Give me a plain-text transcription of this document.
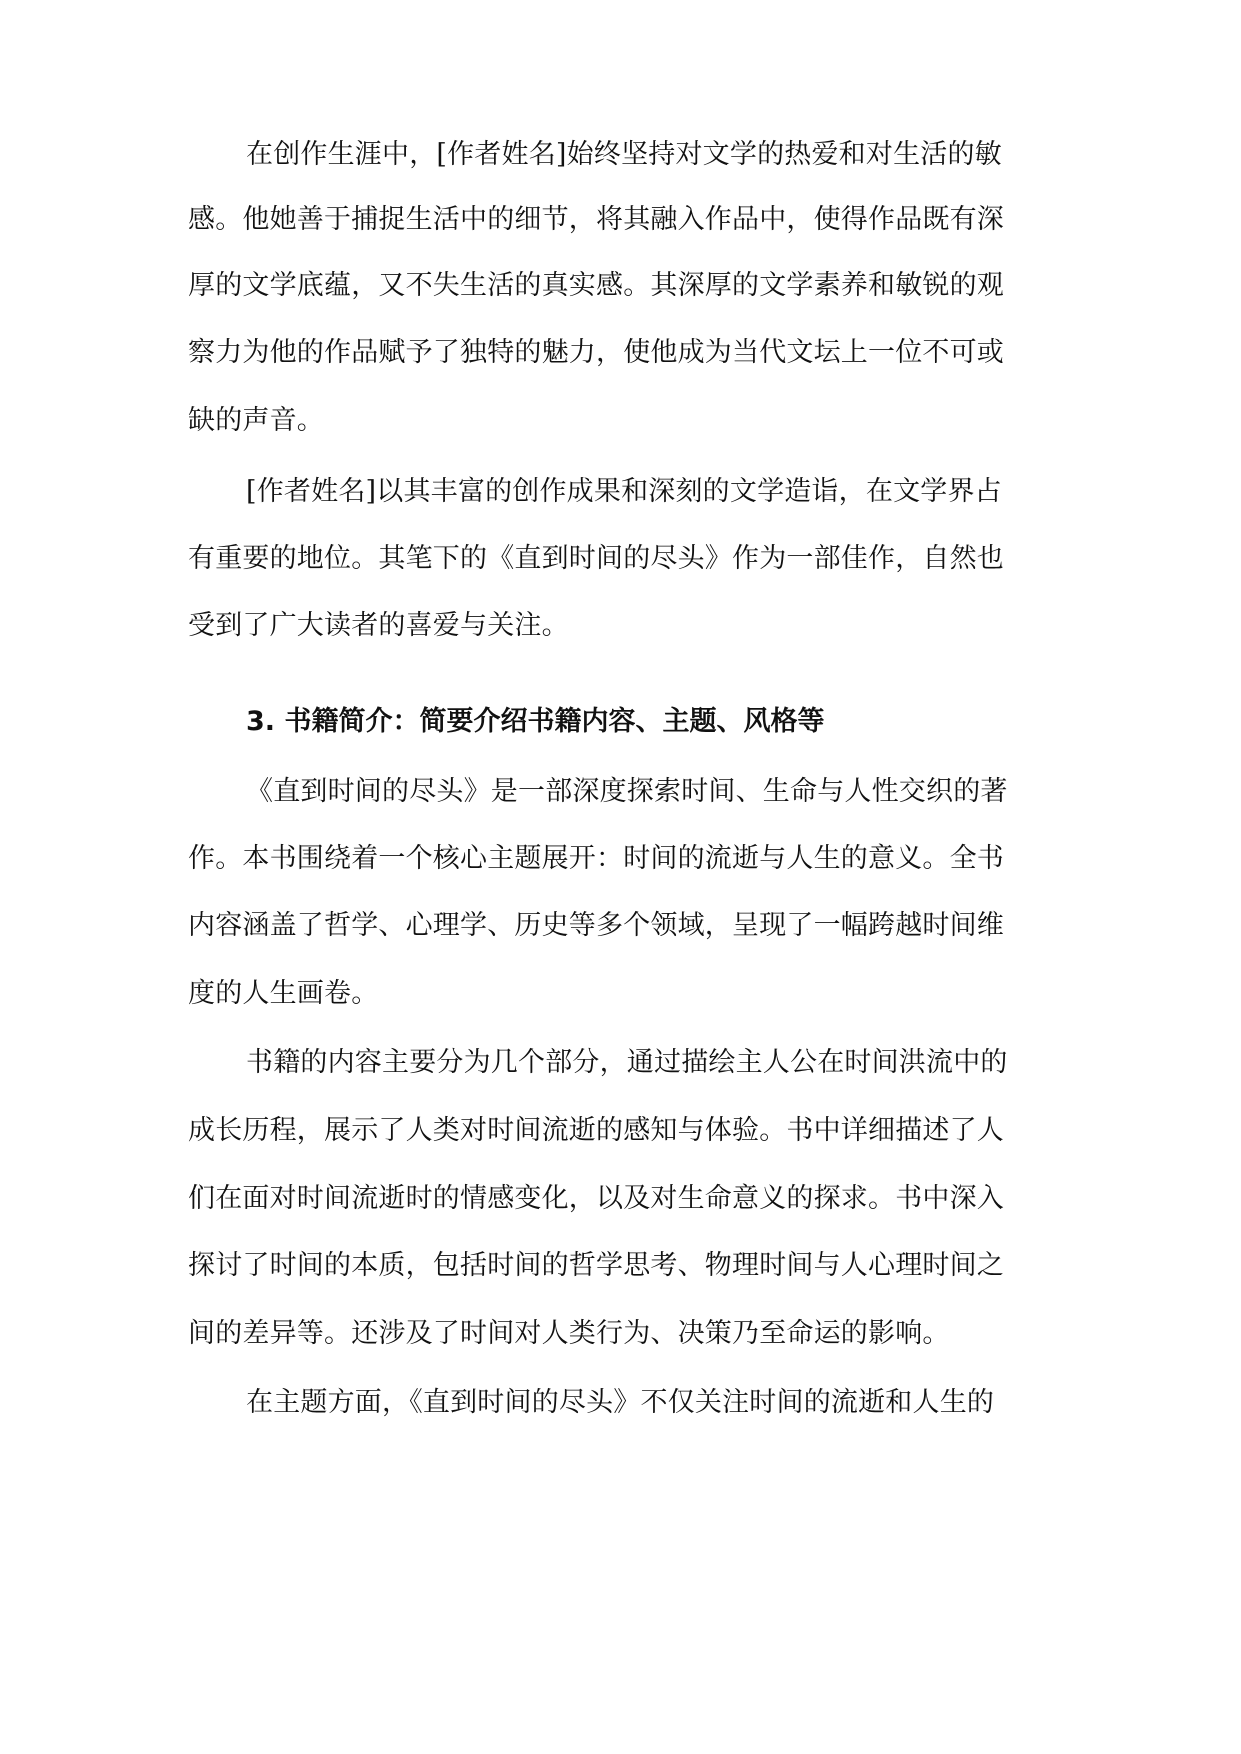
在创作生涯中，[作者姓名]始终坚持对文学的热爱和对生活的敏
感。他她善于捕捉生活中的细节，将其融入作品中，使得作品既有深
厚的文学底蕴，又不失生活的真实感。其深厚的文学素养和敏锐的观
察力为他的作品赋予了独特的魅力，使他成为当代文坛上一位不可或
缺的声音。
[作者姓名]以其丰富的创作成果和深刻的文学造诣，在文学界占
有重要的地位。其笔下的《直到时间的尽头》作为一部佳作，自然也
受到了广大读者的喜爱与关注。
3. 书籍简介：简要介绍书籍内容、主题、风格等
《直到时间的尽头》是一部深度探索时间、生命与人性交织的著
作。本书围绕着一个核心主题展开：时间的流逝与人生的意义。全书
内容涵盖了哲学、心理学、历史等多个领域，呈现了一幅跨越时间维
度的人生画卷。
书籍的内容主要分为几个部分，通过描绘主人公在时间洪流中的
成长历程，展示了人类对时间流逝的感知与体验。书中详细描述了人
们在面对时间流逝时的情感变化，以及对生命意义的探求。书中深入
探讨了时间的本质，包括时间的哲学思考、物理时间与人心理时间之
间的差异等。还涉及了时间对人类行为、决策乃至命运的影响。
在主题方面，《直到时间的尽头》不仅关注时间的流逝和人生的
